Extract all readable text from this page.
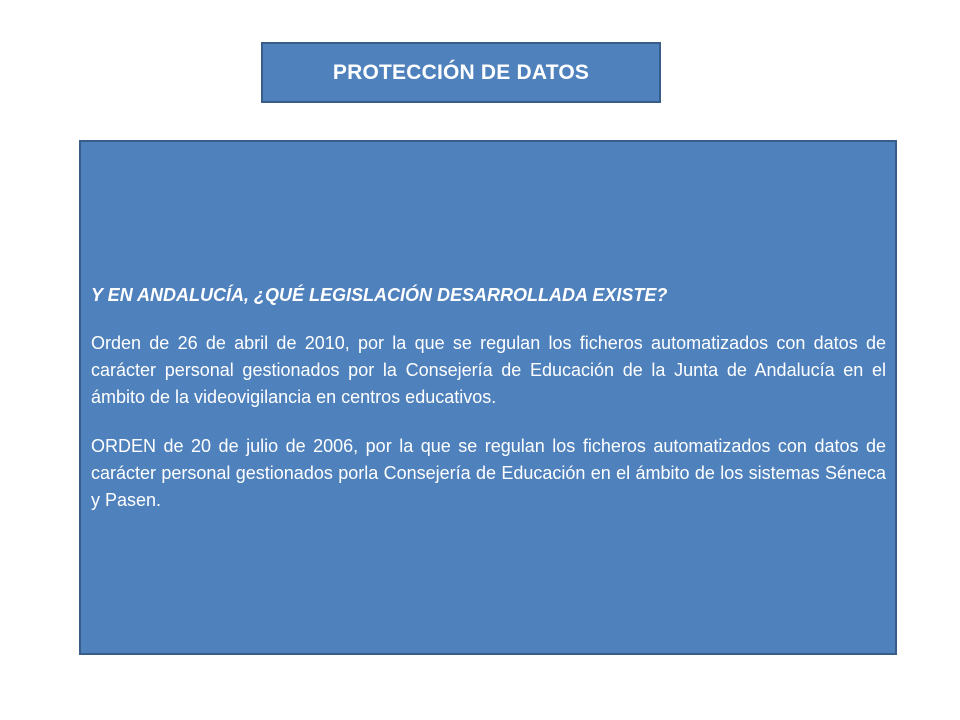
PROTECCIÓN DE DATOS

Y EN ANDALUCÍA, ¿QUÉ LEGISLACIÓN DESARROLLADA EXISTE?

Orden de 26 de abril de 2010, por la que se regulan los ficheros automatizados con datos de carácter personal gestionados por la Consejería de Educación de la Junta de Andalucía en el ámbito de la videovigilancia en centros educativos.

ORDEN de 20 de julio de 2006, por la que se regulan los ficheros automatizados con datos de carácter personal gestionados porla Consejería de Educación en el ámbito de los sistemas Séneca y Pasen.
